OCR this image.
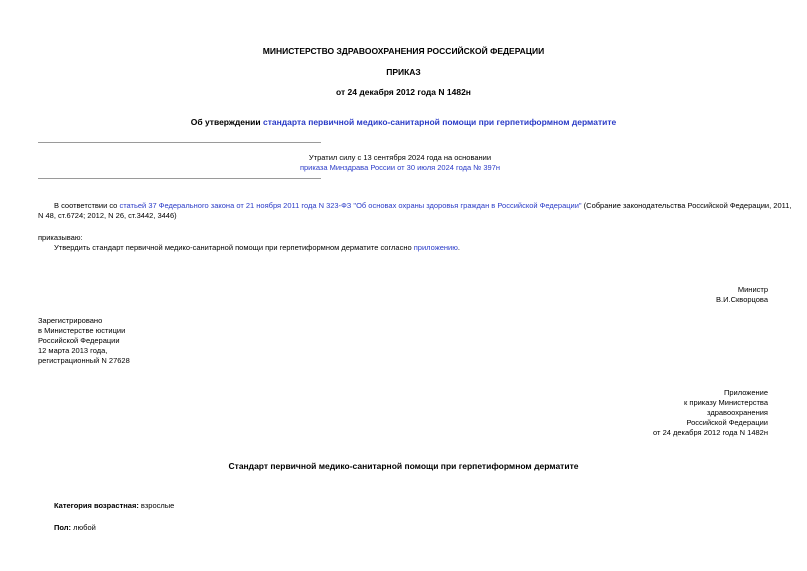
МИНИСТЕРСТВО ЗДРАВООХРАНЕНИЯ РОССИЙСКОЙ ФЕДЕРАЦИИ
ПРИКАЗ
от 24 декабря 2012 года N 1482н
Об утверждении стандарта первичной медико-санитарной помощи при герпетиформном дерматите
Утратил силу с 13 сентября 2024 года на основании
приказа Минздрава России от 30 июля 2024 года № 397н
В соответствии со статьей 37 Федерального закона от 21 ноября 2011 года N 323-ФЗ "Об основах охраны здоровья граждан в Российской Федерации" (Собрание законодательства Российской Федерации, 2011,
N 48, ст.6724; 2012, N 26, ст.3442, 3446)
приказываю:
Утвердить стандарт первичной медико-санитарной помощи при герпетиформном дерматите согласно приложению.
Министр
В.И.Скворцова
Зарегистрировано
в Министерстве юстиции
Российской Федерации
12 марта 2013 года,
регистрационный N 27628
Приложение
к приказу Министерства
здравоохранения
Российской Федерации
от 24 декабря 2012 года N 1482н
Стандарт первичной медико-санитарной помощи при герпетиформном дерматите
Категория возрастная: взрослые
Пол: любой
